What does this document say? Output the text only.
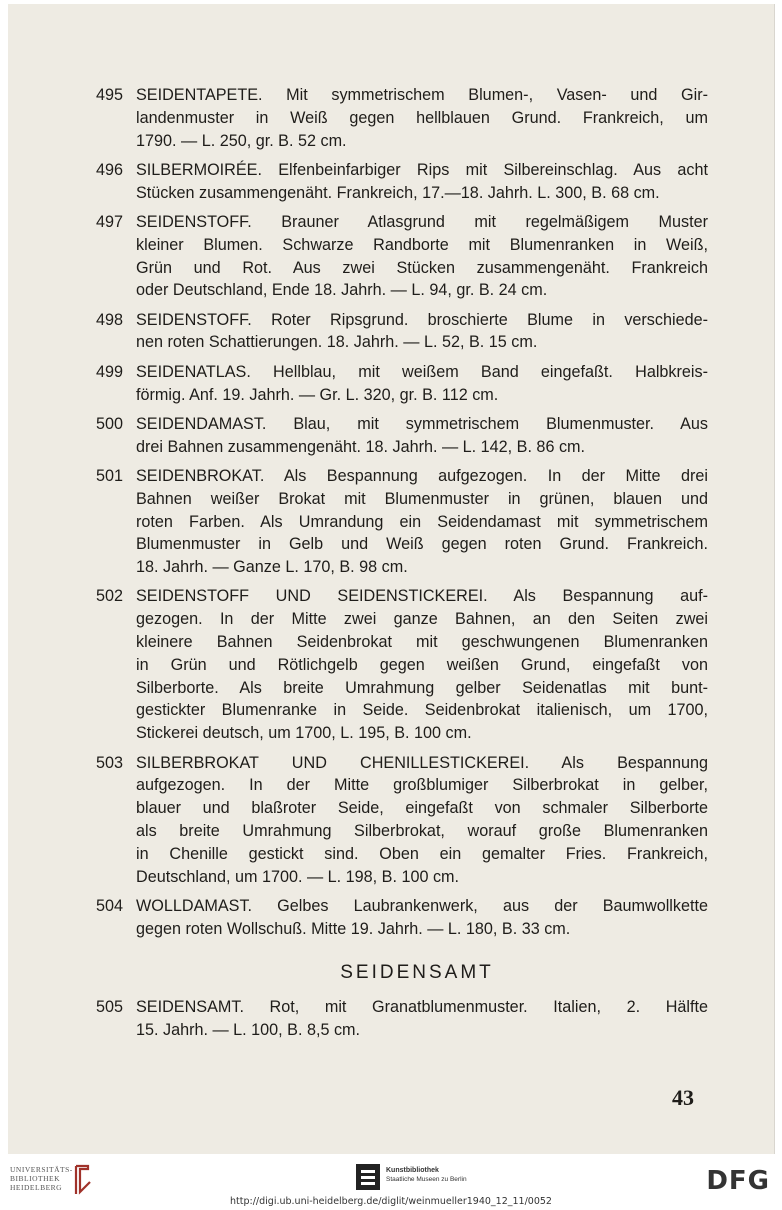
495 SEIDENTAPETE. Mit symmetrischem Blumen-, Vasen- und Gir-
landenmuster in Weiß gegen hellblauen Grund. Frankreich, um
1790. — L. 250, gr. B. 52 cm.
496 SILBERMOIRÉE. Elfenbeinfarbiger Rips mit Silbereinschlag. Aus acht
Stücken zusammengenäht. Frankreich, 17.—18. Jahrh. L. 300, B. 68 cm.
497 SEIDENSTOFF. Brauner Atlasgrund mit regelmäßigem Muster
kleiner Blumen. Schwarze Randborte mit Blumenranken in Weiß,
Grün und Rot. Aus zwei Stücken zusammengenäht. Frankreich
oder Deutschland, Ende 18. Jahrh. — L. 94, gr. B. 24 cm.
498 SEIDENSTOFF. Roter Ripsgrund. broschierte Blume in verschiede-
nen roten Schattierungen. 18. Jahrh. — L. 52, B. 15 cm.
499 SEIDENATLAS. Hellblau, mit weißem Band eingefaßt. Halbkreis-
förmig. Anf. 19. Jahrh. — Gr. L. 320, gr. B. 112 cm.
500 SEIDENDAMAST. Blau, mit symmetrischem Blumenmuster. Aus
drei Bahnen zusammengenäht. 18. Jahrh. — L. 142, B. 86 cm.
501 SEIDENBROKAT. Als Bespannung aufgezogen. In der Mitte drei
Bahnen weißer Brokat mit Blumenmuster in grünen, blauen und
roten Farben. Als Umrandung ein Seidendamast mit symmetrischem
Blumenmuster in Gelb und Weiß gegen roten Grund. Frankreich.
18. Jahrh. — Ganze L. 170, B. 98 cm.
502 SEIDENSTOFF UND SEIDENSTICKEREI. Als Bespannung auf-
gezogen. In der Mitte zwei ganze Bahnen, an den Seiten zwei
kleinere Bahnen Seidenbrokat mit geschwungenen Blumenranken
in Grün und Rötlichgelb gegen weißen Grund, eingefaßt von
Silberborte. Als breite Umrahmung gelber Seidenatlas mit bunt-
gestickter Blumenranke in Seide. Seidenbrokat italienisch, um 1700,
Stickerei deutsch, um 1700, L. 195, B. 100 cm.
503 SILBERBROKAT UND CHENILLESTICKEREI. Als Bespannung
aufgezogen. In der Mitte großblumiger Silberbrokat in gelber,
blauer und blaßroter Seide, eingefaßt von schmaler Silberborte
als breite Umrahmung Silberbrokat, worauf große Blumenranken
in Chenille gestickt sind. Oben ein gemalter Fries. Frankreich,
Deutschland, um 1700. — L. 198, B. 100 cm.
504 WOLLDAMAST. Gelbes Laubrankenwerk, aus der Baumwollkette
gegen roten Wollschuß. Mitte 19. Jahrh. — L. 180, B. 33 cm.
SEIDENSAMT
505 SEIDENSAMT. Rot, mit Granatblumenmuster. Italien, 2. Hälfte
15. Jahrh. — L. 100, B. 8,5 cm.
43
UNIVERSITÄTS-
BIBLIOTHEK
HEIDELBERG
Kunstbibliothek
Staatliche Museen zu Berlin	DFG
http://digi.ub.uni-heidelberg.de/diglit/weinmueller1940_12_11/0052
